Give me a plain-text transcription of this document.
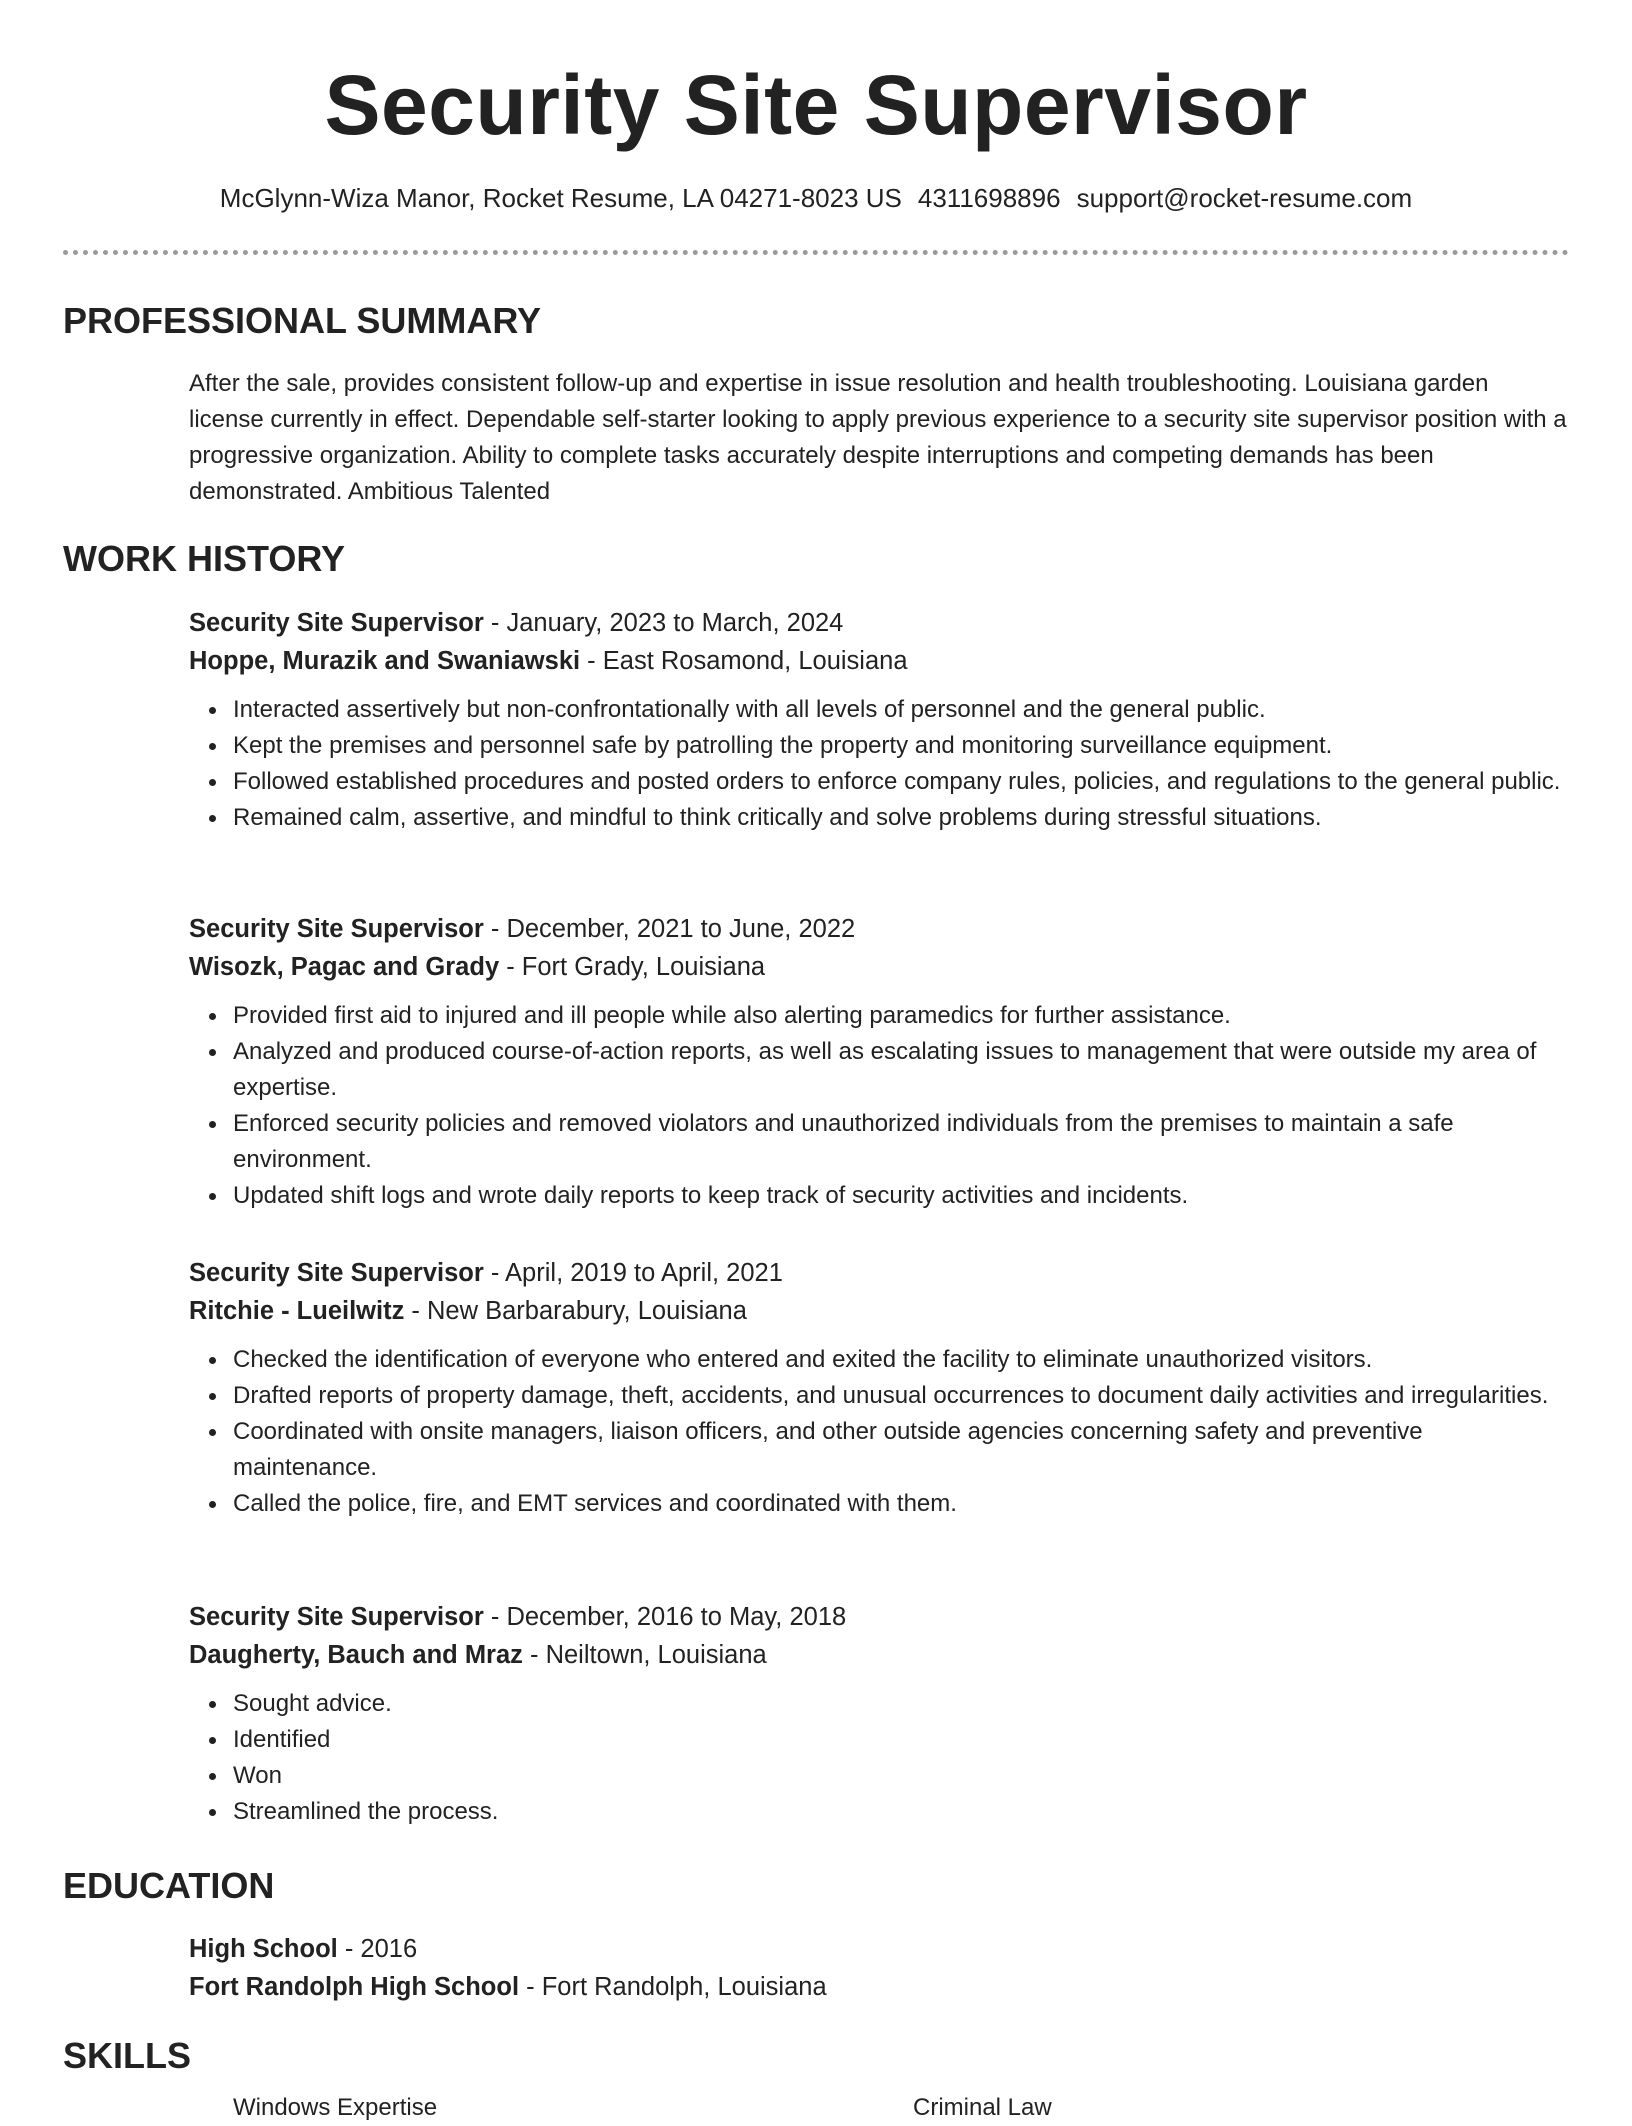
Security Site Supervisor
McGlynn-Wiza Manor, Rocket Resume, LA 04271-8023 US 4311698896 support@rocket-resume.com
PROFESSIONAL SUMMARY

After the sale, provides consistent follow-up and expertise in issue resolution and health troubleshooting. Louisiana garden license currently in effect. Dependable self-starter looking to apply previous experience to a security site supervisor position with a progressive organization. Ability to complete tasks accurately despite interruptions and competing demands has been demonstrated. Ambitious Talented

WORK HISTORY
Security Site Supervisor - January, 2023 to March, 2024
Hoppe, Murazik and Swaniawski - East Rosamond, Louisiana
Interacted assertively but non-confrontationally with all levels of personnel and the general public.
Kept the premises and personnel safe by patrolling the property and monitoring surveillance equipment.
Followed established procedures and posted orders to enforce company rules, policies, and regulations to the general public.
Remained calm, assertive, and mindful to think critically and solve problems during stressful situations.
Security Site Supervisor - December, 2021 to June, 2022
Wisozk, Pagac and Grady - Fort Grady, Louisiana
Provided first aid to injured and ill people while also alerting paramedics for further assistance.
Analyzed and produced course-of-action reports, as well as escalating issues to management that were outside my area of expertise.
Enforced security policies and removed violators and unauthorized individuals from the premises to maintain a safe environment.
Updated shift logs and wrote daily reports to keep track of security activities and incidents.
Security Site Supervisor - April, 2019 to April, 2021
Ritchie - Lueilwitz - New Barbarabury, Louisiana
Checked the identification of everyone who entered and exited the facility to eliminate unauthorized visitors.
Drafted reports of property damage, theft, accidents, and unusual occurrences to document daily activities and irregularities.
Coordinated with onsite managers, liaison officers, and other outside agencies concerning safety and preventive maintenance.
Called the police, fire, and EMT services and coordinated with them.
Security Site Supervisor - December, 2016 to May, 2018
Daugherty, Bauch and Mraz - Neiltown, Louisiana
Sought advice.
Identified
Won
Streamlined the process.
EDUCATION
High School - 2016
Fort Randolph High School - Fort Randolph, Louisiana
SKILLS
Windows Expertise	Criminal Law
